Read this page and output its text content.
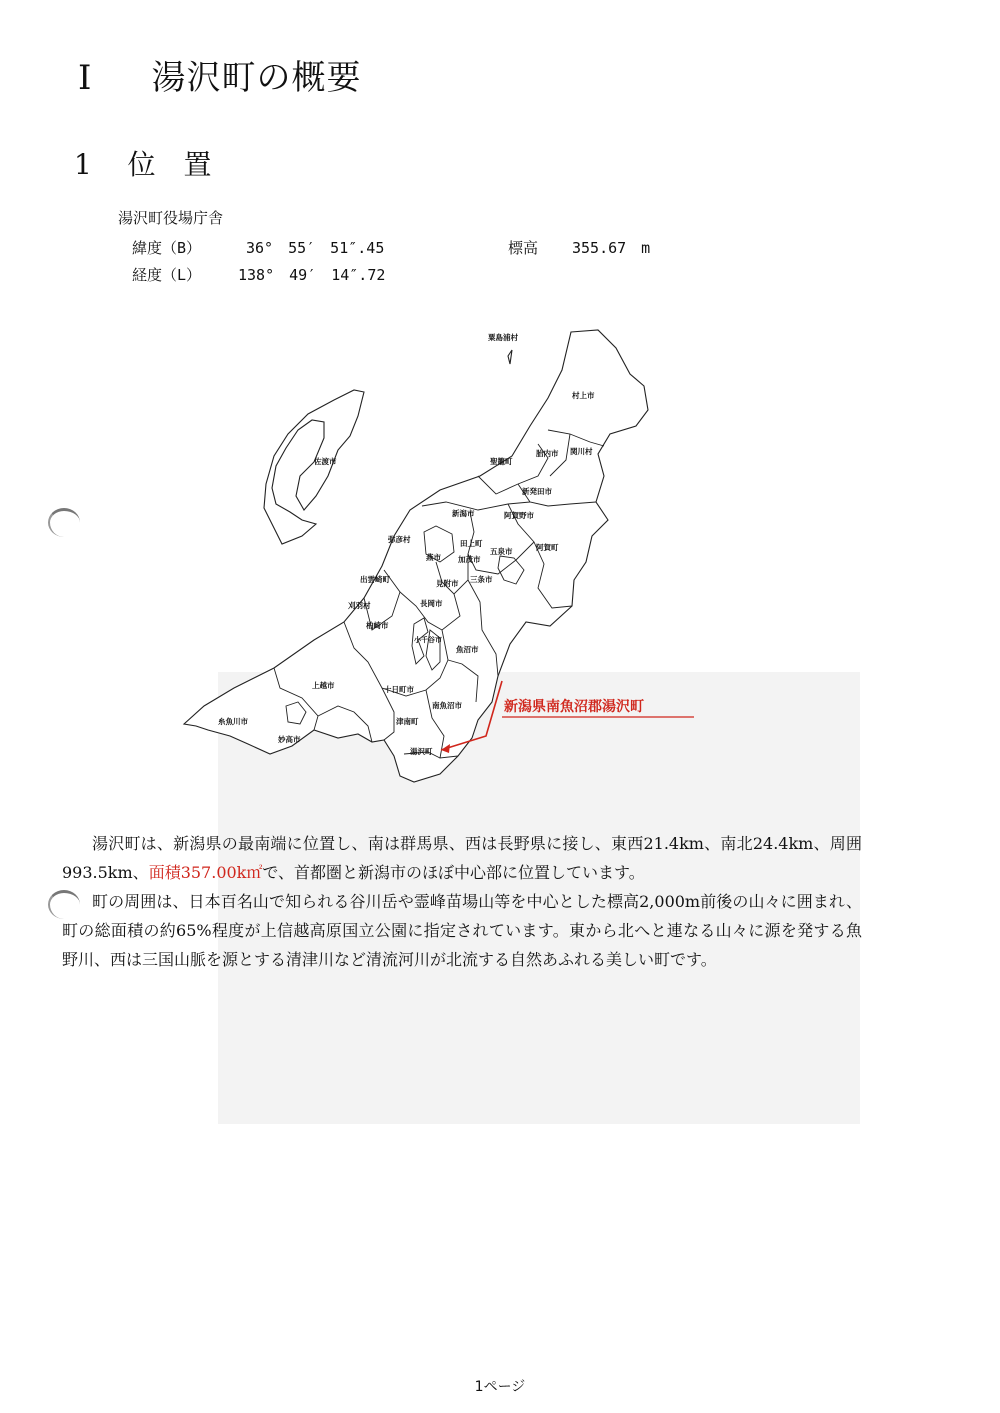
Ⅰ 湯沢町の概要
1 位　置
湯沢町役場庁舎
緯度（B）	36°　55′　51″.45	標高 355.67　m
経度（L） 138°　49′　14″.72
粟島浦村
村上市
関川村
胎内市
聖籠町
新発田市
佐渡市
新潟市	阿賀野市
弥彦村
燕市
田上町
五泉市	阿賀町
加茂市
見附市 三条市
出雲崎町
長岡市
刈羽村
柏崎市
小千谷市
魚沼市
上越市	十日町市
南魚沼市
糸魚川市	津南町
妙高市
湯沢町
新潟県南魚沼郡湯沢町

湯沢町は、新潟県の最南端に位置し、南は群馬県、西は長野県に接し、東西21.4km、南北24.4km、周囲993.5km、面積357.00k㎡で、首都圏と新潟市のほぼ中心部に位置しています。

町の周囲は、日本百名山で知られる谷川岳や霊峰苗場山等を中心とした標高2,000m前後の山々に囲まれ、町の総面積の約65%程度が上信越高原国立公園に指定されています。東から北へと連なる山々に源を発する魚野川、西は三国山脈を源とする清津川など清流河川が北流する自然あふれる美しい町です。

1ページ
